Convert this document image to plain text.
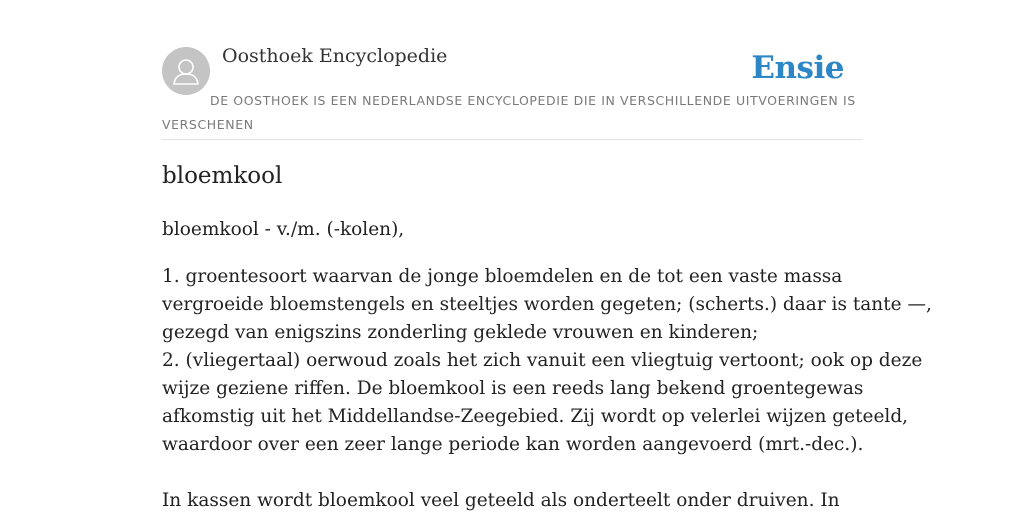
Oosthoek Encyclopedie	Ensie
DE OOSTHOEK IS EEN NEDERLANDSE ENCYCLOPEDIE DIE IN VERSCHILLENDE UITVOERINGEN IS VERSCHENEN
bloemkool

bloemkool - v./m. (-kolen),

1. groentesoort waarvan de jonge bloemdelen en de tot een vaste massa

vergroeide bloemstengels en steeltjes worden gegeten; (scherts.) daar is tante —,

gezegd van enigszins zonderling geklede vrouwen en kinderen;

2. (vliegertaal) oerwoud zoals het zich vanuit een vliegtuig vertoont; ook op deze

wijze geziene riffen. De bloemkool is een reeds lang bekend groentegewas

afkomstig uit het Middellandse-Zeegebied. Zij wordt op velerlei wijzen geteeld,

waardoor over een zeer lange periode kan worden aangevoerd (mrt.-dec.).

In kassen wordt bloemkool veel geteeld als onderteelt onder druiven. In
